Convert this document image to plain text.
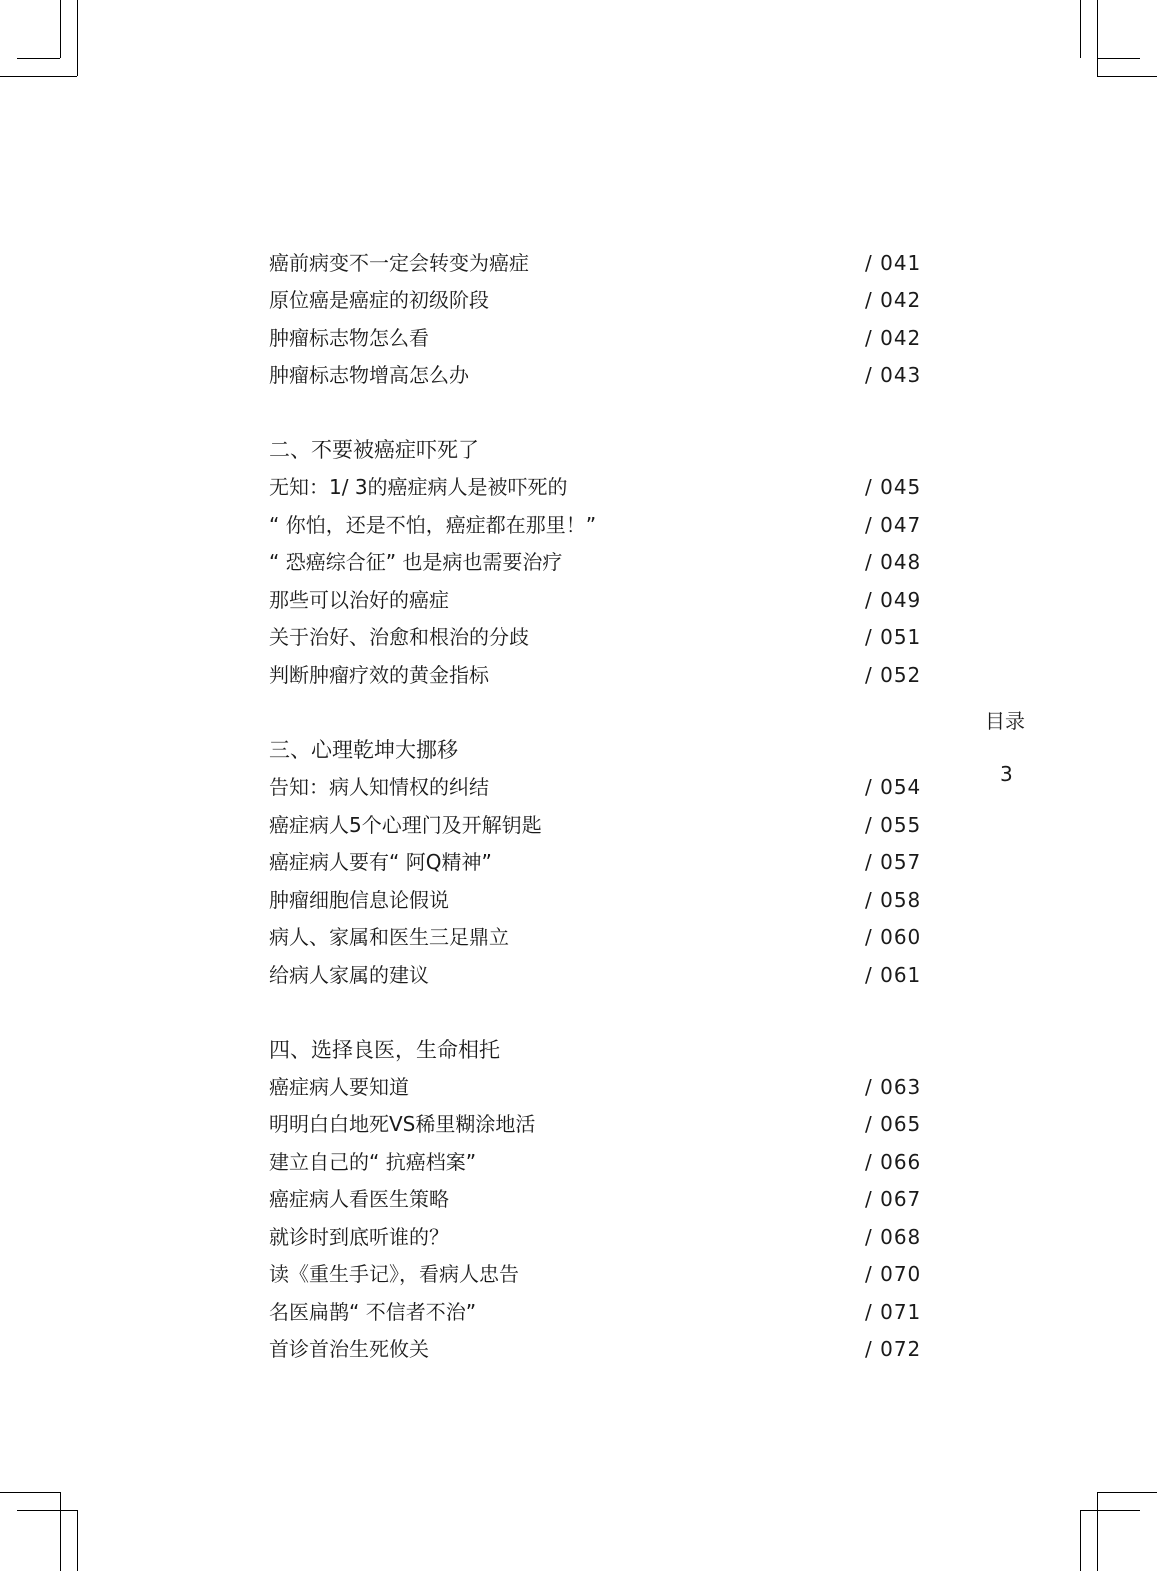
癌前病变不一定会转变为癌症	/ 041
原位癌是癌症的初级阶段	/ 042
肿瘤标志物怎么看	/ 042
肿瘤标志物增高怎么办	/ 043
二、不要被癌症吓死了
无知：1/ 3的癌症病人是被吓死的	/ 045
“ 你怕，还是不怕，癌症都在那里！”	/ 047
“ 恐癌综合征” 也是病也需要治疗	/ 048
那些可以治好的癌症	/ 049
关于治好、治愈和根治的分歧	/ 051
判断肿瘤疗效的黄金指标	/ 052
三、心理乾坤大挪移
告知：病人知情权的纠结	/ 054
癌症病人5个心理门及开解钥匙	/ 055
癌症病人要有“ 阿Q精神”	/ 057
肿瘤细胞信息论假说	/ 058
病人、家属和医生三足鼎立	/ 060
给病人家属的建议	/ 061
四、选择良医，生命相托
癌症病人要知道	/ 063
明明白白地死VS稀里糊涂地活	/ 065
建立自己的“ 抗癌档案”	/ 066
癌症病人看医生策略	/ 067
就诊时到底听谁的？	/ 068
读《重生手记》，看病人忠告	/ 070
名医扁鹊“ 不信者不治”	/ 071
首诊首治生死攸关	/ 072
目录
3
